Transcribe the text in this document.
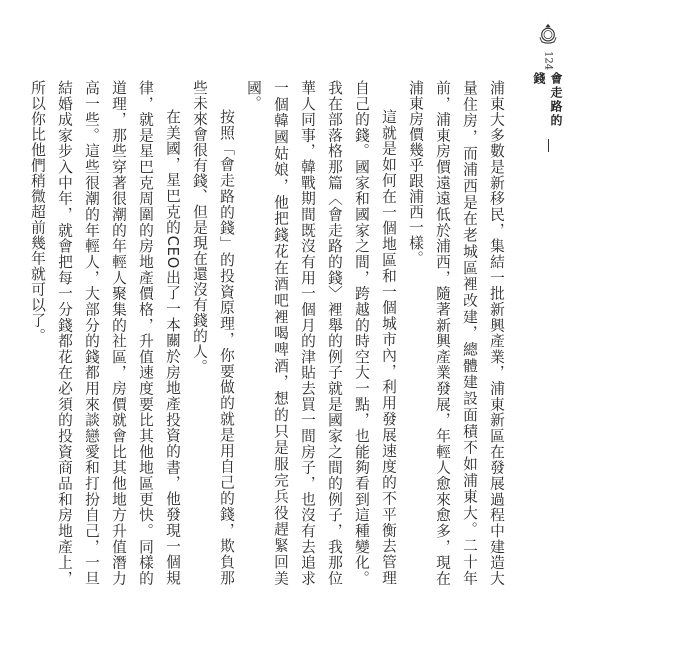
124
會走路的錢

浦東大多數是新移民，集結一批新興產業，浦東新區在發展過程中建造大量住房，而浦西是在老城區裡改建，總體建設面積不如浦東大。二十年前，浦東房價遠遠低於浦西，隨著新興產業發展，年輕人愈來愈多，現在浦東房價幾乎跟浦西一樣。

這就是如何在一個地區和一個城市內，利用發展速度的不平衡去管理自己的錢。國家和國家之間，跨越的時空大一點，也能夠看到這種變化。我在部落格那篇〈會走路的錢〉裡舉的例子就是國家之間的例子，我那位華人同事，韓戰期間既沒有用一個月的津貼去買一間房子，也沒有去追求一個韓國姑娘，他把錢花在酒吧裡喝啤酒，想的只是服完兵役趕緊回美國。

按照「會走路的錢」的投資原理，你要做的就是用自己的錢，欺負那些未來會很有錢、但是現在還沒有錢的人。

在美國，星巴克的CEO出了一本關於房地產投資的書，他發現一個規律，就是星巴克周圍的房地產價格，升值速度要比其他地區更快。同樣的道理，那些穿著很潮的年輕人聚集的社區，房價就會比其他地方升值潛力高一些。這些很潮的年輕人，大部分的錢都用來談戀愛和打扮自己，一旦結婚成家步入中年，就會把每一分錢都花在必須的投資商品和房地產上，所以你比他們稍微超前幾年就可以了。
